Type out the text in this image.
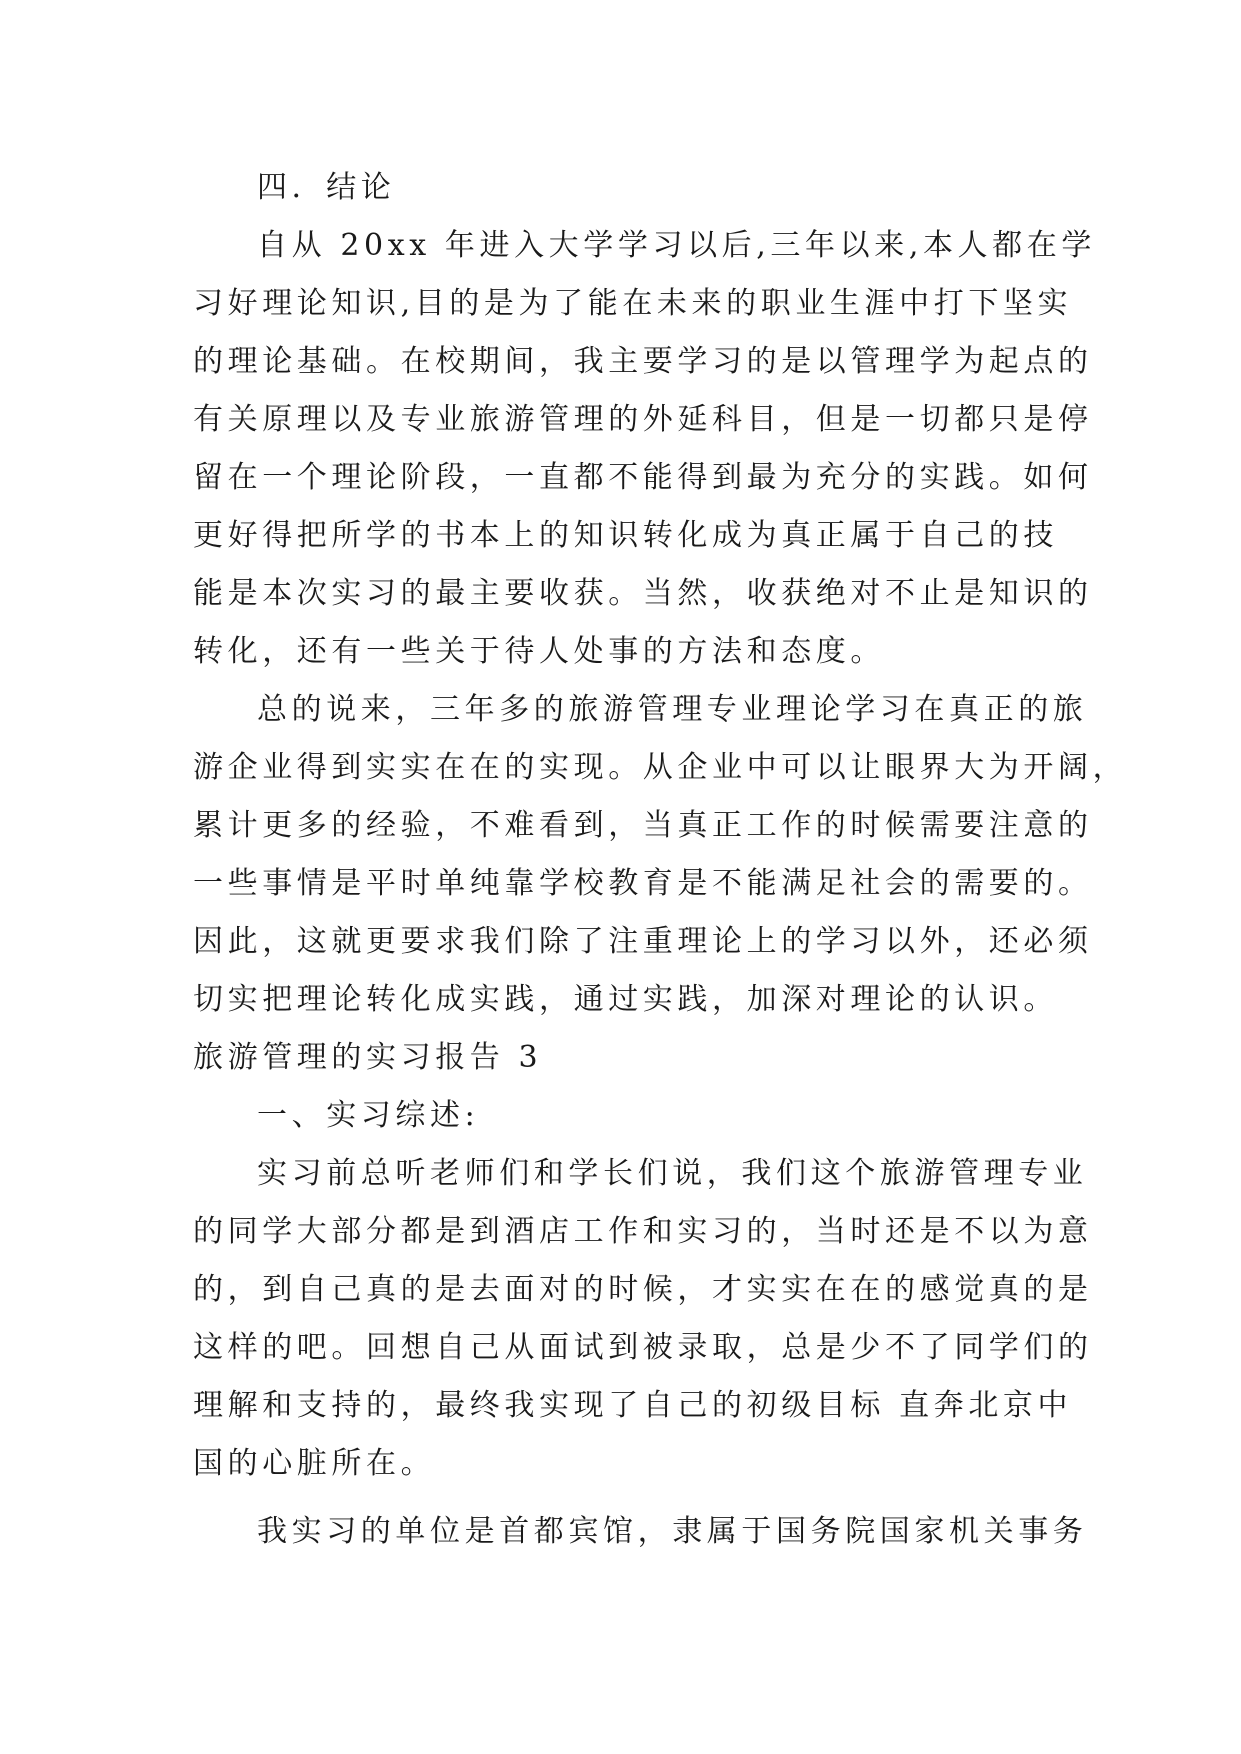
四．结论
自从 20xx 年进入大学学习以后,三年以来,本人都在学
习好理论知识,目的是为了能在未来的职业生涯中打下坚实
的理论基础。在校期间，我主要学习的是以管理学为起点的
有关原理以及专业旅游管理的外延科目，但是一切都只是停
留在一个理论阶段，一直都不能得到最为充分的实践。如何
更好得把所学的书本上的知识转化成为真正属于自己的技
能是本次实习的最主要收获。当然，收获绝对不止是知识的
转化，还有一些关于待人处事的方法和态度。
总的说来，三年多的旅游管理专业理论学习在真正的旅
游企业得到实实在在的实现。从企业中可以让眼界大为开阔，
累计更多的经验，不难看到，当真正工作的时候需要注意的
一些事情是平时单纯靠学校教育是不能满足社会的需要的。
因此，这就更要求我们除了注重理论上的学习以外，还必须
切实把理论转化成实践，通过实践，加深对理论的认识。
旅游管理的实习报告 3
一、实习综述:
实习前总听老师们和学长们说，我们这个旅游管理专业
的同学大部分都是到酒店工作和实习的，当时还是不以为意
的，到自己真的是去面对的时候，才实实在在的感觉真的是
这样的吧。回想自己从面试到被录取，总是少不了同学们的
理解和支持的，最终我实现了自己的初级目标 直奔北京中
国的心脏所在。
我实习的单位是首都宾馆，隶属于国务院国家机关事务
